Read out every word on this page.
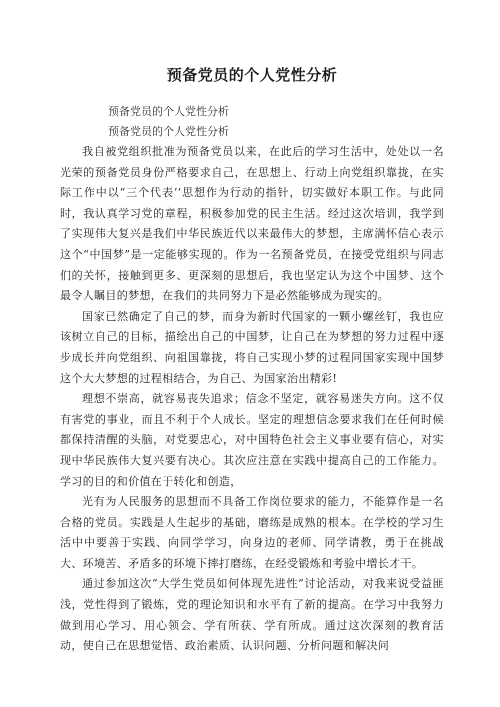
预备党员的个人党性分析

预备党员的个人党性分析

预备党员的个人党性分析

我自被党组织批准为预备党员以来，在此后的学习生活中，处处以一名光荣的预备党员身份严格要求自己，在思想上、行动上向党组织靠拢，在实际工作中以“三个代表’’思想作为行动的指针，切实做好本职工作。与此同时，我认真学习党的章程，积极参加党的民主生活。经过这次培训，我学到了实现伟大复兴是我们中华民族近代以来最伟大的梦想，主席满怀信心表示这个“中国梦”是一定能够实现的。作为一名预备党员，在接受党组织与同志们的关怀，接触到更多、更深刻的思想后，我也坚定认为这个中国梦、这个最令人瞩目的梦想，在我们的共同努力下是必然能够成为现实的。

国家已然确定了自己的梦，而身为新时代国家的一颗小螺丝钉，我也应该树立自己的目标，描绘出自己的中国梦，让自己在为梦想的努力过程中逐步成长并向党组织、向祖国靠拢，将自己实现小梦的过程同国家实现中国梦这个大大梦想的过程相结合，为自己、为国家治出精彩!

理想不崇高，就容易丧失追求；信念不坚定，就容易迷失方向。这不仅有害党的事业，而且不利于个人成长。坚定的理想信念要求我们在任何时候都保持清醒的头脑，对党要忠心，对中国特色社会主义事业要有信心，对实现中华民族伟大复兴要有决心。其次应注意在实践中提高自己的工作能力。学习的目的和价值在于转化和创造，

光有为人民服务的思想而不具备工作岗位要求的能力，不能算作是一名合格的党员。实践是人生起步的基础，磨练是成熟的根本。在学校的学习生活中中要善于实践、向同学学习，向身边的老师、同学请教，勇于在挑战大、环境苦、矛盾多的环境下摔打磨练，在经受锻炼和考验中增长才干。

通过参加这次“大学生党员如何体现先进性”讨论活动，对我来说受益匪浅，党性得到了锻炼，党的理论知识和水平有了新的提高。在学习中我努力做到用心学习、用心领会、学有所获、学有所成。通过这次深刻的教育活动，使自己在思想觉悟、政治素质、认识问题、分析问题和解决问
